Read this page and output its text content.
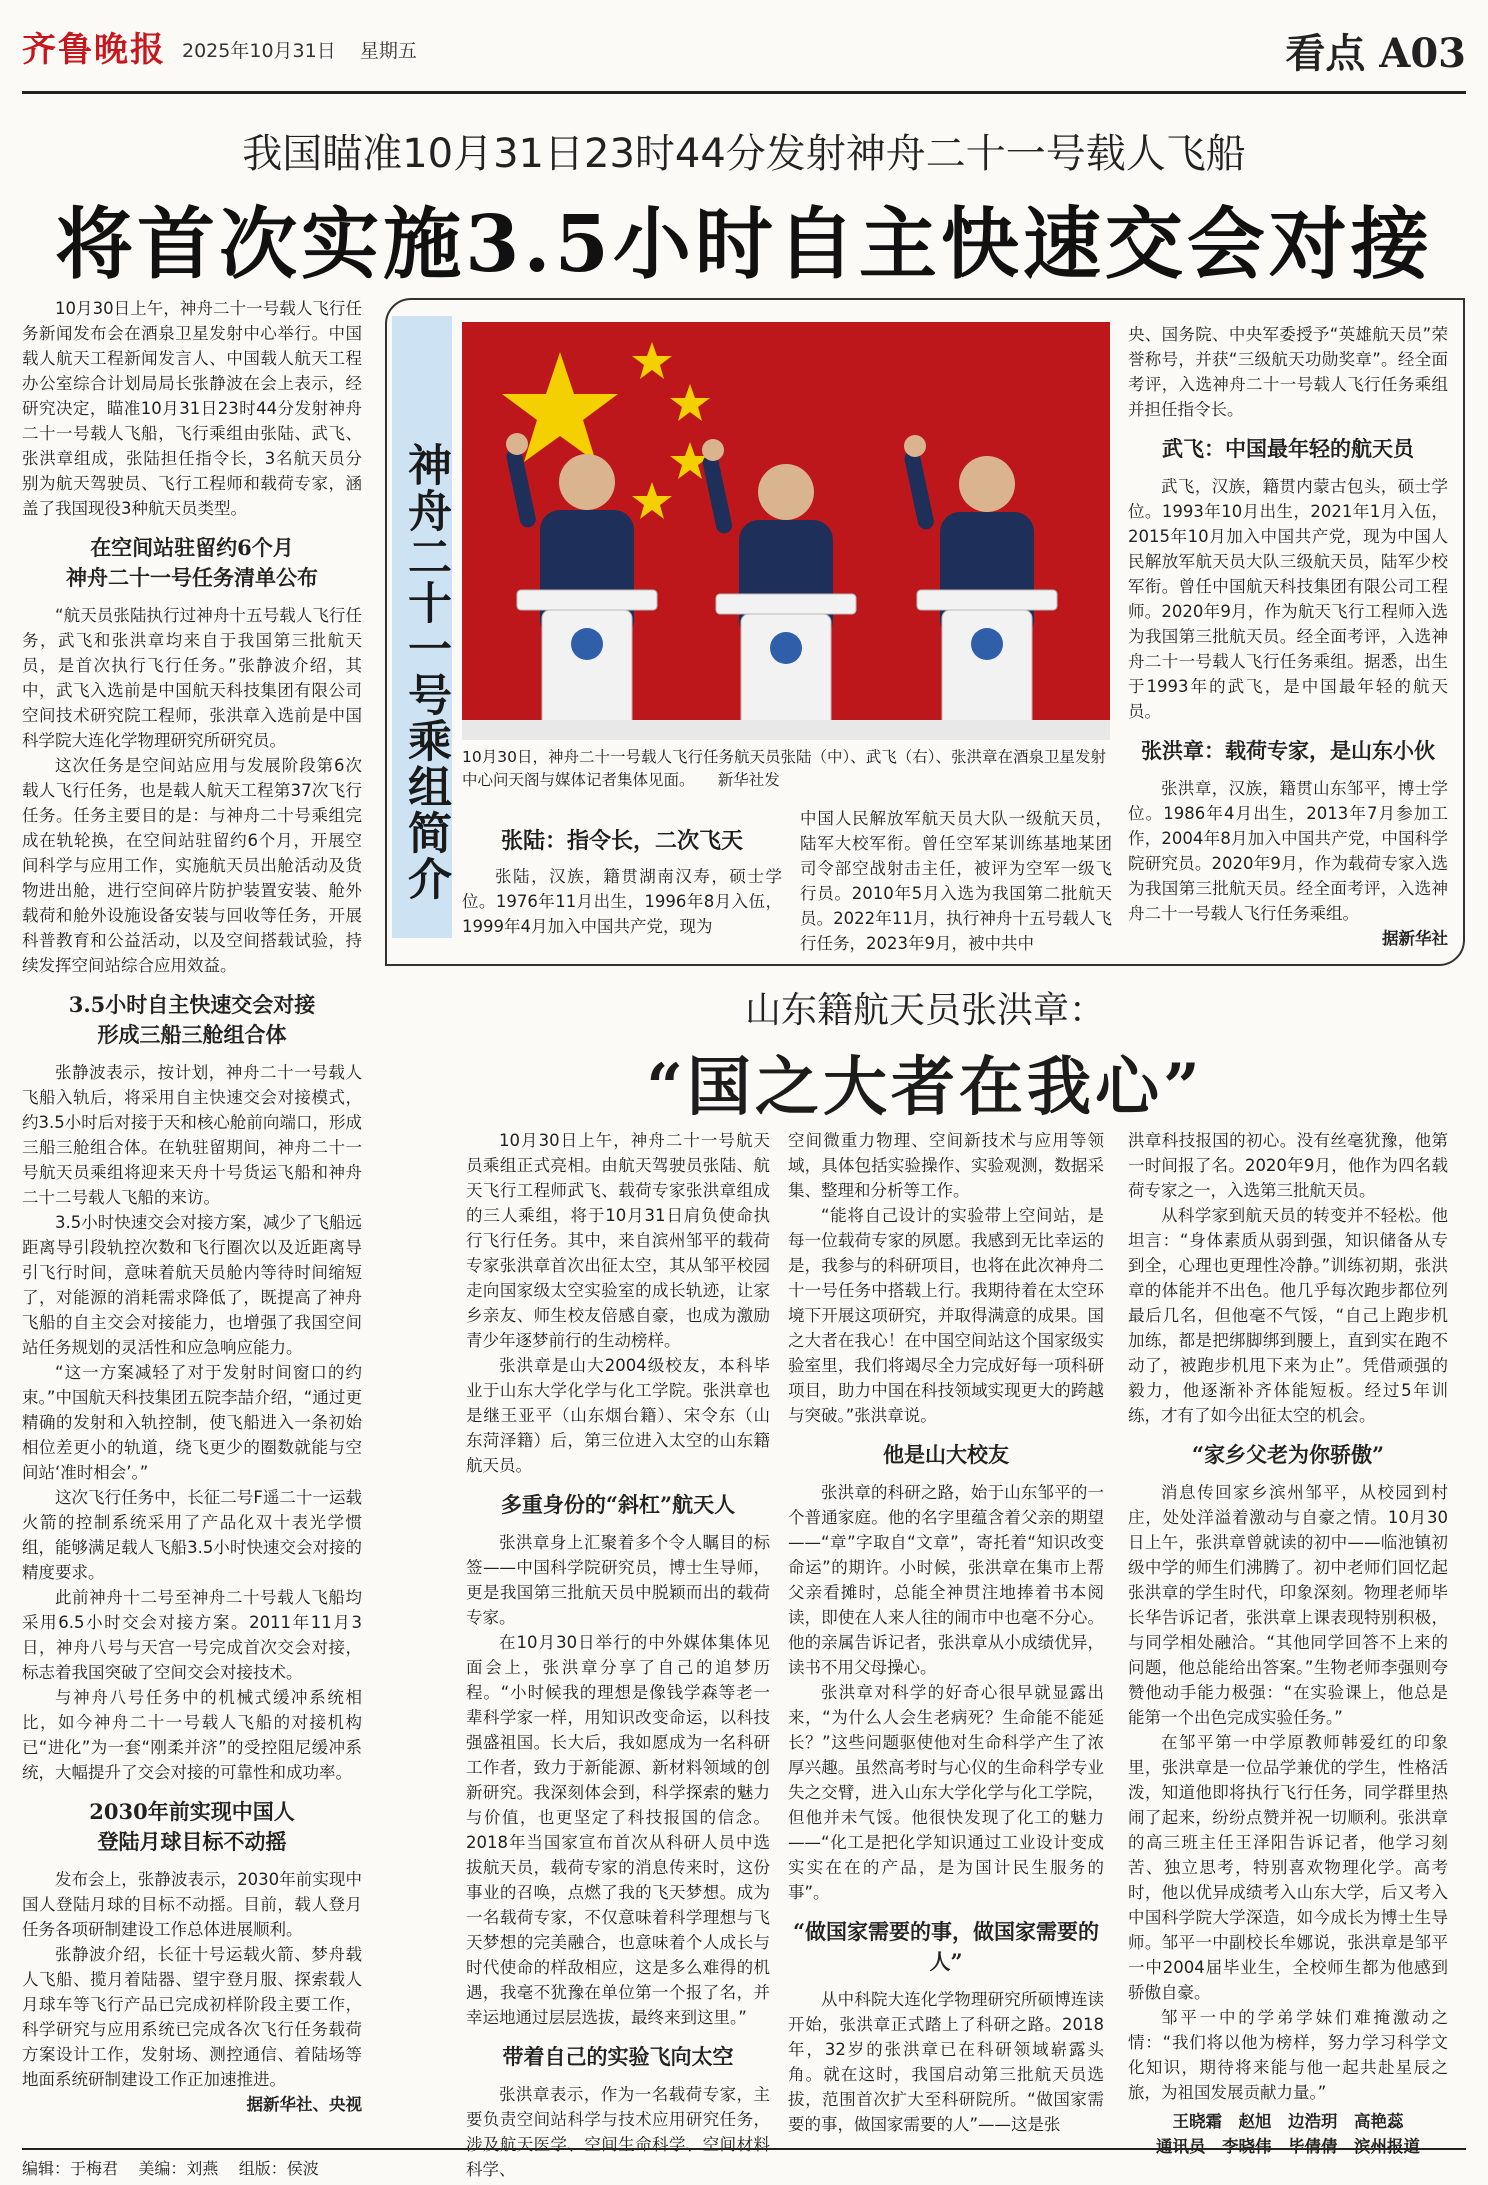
齐鲁晚报 2025年10月31日 星期五	看点 A03
我国瞄准10月31日23时44分发射神舟二十一号载人飞船
将首次实施3.5小时自主快速交会对接

10月30日上午，神舟二十一号载人飞行任务新闻发布会在酒泉卫星发射中心举行。中国载人航天工程新闻发言人、中国载人航天工程办公室综合计划局局长张静波在会上表示，经研究决定，瞄准10月31日23时44分发射神舟二十一号载人飞船，飞行乘组由张陆、武飞、张洪章组成，张陆担任指令长，3名航天员分别为航天驾驶员、飞行工程师和载荷专家，涵盖了我国现役3种航天员类型。

在空间站驻留约6个月
神舟二十一号任务清单公布

“航天员张陆执行过神舟十五号载人飞行任务，武飞和张洪章均来自于我国第三批航天员，是首次执行飞行任务。”张静波介绍，其中，武飞入选前是中国航天科技集团有限公司空间技术研究院工程师，张洪章入选前是中国科学院大连化学物理研究所研究员。

这次任务是空间站应用与发展阶段第6次载人飞行任务，也是载人航天工程第37次飞行任务。任务主要目的是：与神舟二十号乘组完成在轨轮换，在空间站驻留约6个月，开展空间科学与应用工作，实施航天员出舱活动及货物进出舱，进行空间碎片防护装置安装、舱外载荷和舱外设施设备安装与回收等任务，开展科普教育和公益活动，以及空间搭载试验，持续发挥空间站综合应用效益。

3.5小时自主快速交会对接
形成三船三舱组合体

张静波表示，按计划，神舟二十一号载人飞船入轨后，将采用自主快速交会对接模式，约3.5小时后对接于天和核心舱前向端口，形成三船三舱组合体。在轨驻留期间，神舟二十一号航天员乘组将迎来天舟十号货运飞船和神舟二十二号载人飞船的来访。

3.5小时快速交会对接方案，减少了飞船远距离导引段轨控次数和飞行圈次以及近距离导引飞行时间，意味着航天员舱内等待时间缩短了，对能源的消耗需求降低了，既提高了神舟飞船的自主交会对接能力，也增强了我国空间站任务规划的灵活性和应急响应能力。

“这一方案减轻了对于发射时间窗口的约束。”中国航天科技集团五院李喆介绍，“通过更精确的发射和入轨控制，使飞船进入一条初始相位差更小的轨道，绕飞更少的圈数就能与空间站‘准时相会’。”

这次飞行任务中，长征二号F遥二十一运载火箭的控制系统采用了产品化双十表光学惯组，能够满足载人飞船3.5小时快速交会对接的精度要求。

此前神舟十二号至神舟二十号载人飞船均采用6.5小时交会对接方案。2011年11月3日，神舟八号与天宫一号完成首次交会对接，标志着我国突破了空间交会对接技术。

与神舟八号任务中的机械式缓冲系统相比，如今神舟二十一号载人飞船的对接机构已“进化”为一套“刚柔并济”的受控阻尼缓冲系统，大幅提升了交会对接的可靠性和成功率。

2030年前实现中国人
登陆月球目标不动摇

发布会上，张静波表示，2030年前实现中国人登陆月球的目标不动摇。目前，载人登月任务各项研制建设工作总体进展顺利。

张静波介绍，长征十号运载火箭、梦舟载人飞船、揽月着陆器、望宇登月服、探索载人月球车等飞行产品已完成初样阶段主要工作，科学研究与应用系统已完成各次飞行任务载荷方案设计工作，发射场、测控通信、着陆场等地面系统研制建设工作正加速推进。

据新华社、央视
神舟二十一号乘组简介 10月30日，神舟二十一号载人飞行任务航天员张陆（中）、武飞（右）、张洪章在酒泉卫星发射中心问天阁与媒体记者集体见面。　　新华社发
张陆：指令长，二次飞天

张陆，汉族，籍贯湖南汉寿，硕士学位。1976年11月出生，1996年8月入伍，1999年4月加入中国共产党，现为

中国人民解放军航天员大队一级航天员，陆军大校军衔。曾任空军某训练基地某团司令部空战射击主任，被评为空军一级飞行员。2010年5月入选为我国第二批航天员。2022年11月，执行神舟十五号载人飞行任务，2023年9月，被中共中
央、国务院、中央军委授予“英雄航天员”荣誉称号，并获“三级航天功勋奖章”。经全面考评，入选神舟二十一号载人飞行任务乘组并担任指令长。
武飞：中国最年轻的航天员

武飞，汉族，籍贯内蒙古包头，硕士学位。1993年10月出生，2021年1月入伍，2015年10月加入中国共产党，现为中国人民解放军航天员大队三级航天员，陆军少校军衔。曾任中国航天科技集团有限公司工程师。2020年9月，作为航天飞行工程师入选为我国第三批航天员。经全面考评，入选神舟二十一号载人飞行任务乘组。据悉，出生于1993年的武飞，是中国最年轻的航天员。

张洪章：载荷专家，是山东小伙

张洪章，汉族，籍贯山东邹平，博士学位。1986年4月出生，2013年7月参加工作，2004年8月加入中国共产党，中国科学院研究员。2020年9月，作为载荷专家入选为我国第三批航天员。经全面考评，入选神舟二十一号载人飞行任务乘组。

据新华社
山东籍航天员张洪章：
“国之大者在我心”

10月30日上午，神舟二十一号航天员乘组正式亮相。由航天驾驶员张陆、航天飞行工程师武飞、载荷专家张洪章组成的三人乘组，将于10月31日肩负使命执行飞行任务。其中，来自滨州邹平的载荷专家张洪章首次出征太空，其从邹平校园走向国家级太空实验室的成长轨迹，让家乡亲友、师生校友倍感自豪，也成为激励青少年逐梦前行的生动榜样。

张洪章是山大2004级校友，本科毕业于山东大学化学与化工学院。张洪章也是继王亚平（山东烟台籍）、宋令东（山东菏泽籍）后，第三位进入太空的山东籍航天员。

多重身份的“斜杠”航天人

张洪章身上汇聚着多个令人瞩目的标签——中国科学院研究员，博士生导师，更是我国第三批航天员中脱颖而出的载荷专家。

在10月30日举行的中外媒体集体见面会上，张洪章分享了自己的追梦历程。“小时候我的理想是像钱学森等老一辈科学家一样，用知识改变命运，以科技强盛祖国。长大后，我如愿成为一名科研工作者，致力于新能源、新材料领域的创新研究。我深刻体会到，科学探索的魅力与价值，也更坚定了科技报国的信念。2018年当国家宣布首次从科研人员中选拔航天员，载荷专家的消息传来时，这份事业的召唤，点燃了我的飞天梦想。成为一名载荷专家，不仅意味着科学理想与飞天梦想的完美融合，也意味着个人成长与时代使命的样敌相应，这是多么难得的机遇，我毫不犹豫在单位第一个报了名，并幸运地通过层层选拔，最终来到这里。”

带着自己的实验飞向太空

张洪章表示，作为一名载荷专家，主要负责空间站科学与技术应用研究任务，涉及航天医学、空间生命科学、空间材料科学、

空间微重力物理、空间新技术与应用等领域，具体包括实验操作、实验观测，数据采集、整理和分析等工作。

“能将自己设计的实验带上空间站，是每一位载荷专家的夙愿。我感到无比幸运的是，我参与的科研项目，也将在此次神舟二十一号任务中搭载上行。我期待着在太空环境下开展这项研究，并取得满意的成果。国之大者在我心！在中国空间站这个国家级实验室里，我们将竭尽全力完成好每一项科研项目，助力中国在科技领域实现更大的跨越与突破。”张洪章说。

他是山大校友

张洪章的科研之路，始于山东邹平的一个普通家庭。他的名字里蕴含着父亲的期望——“章”字取自“文章”，寄托着“知识改变命运”的期许。小时候，张洪章在集市上帮父亲看摊时，总能全神贯注地捧着书本阅读，即使在人来人往的闹市中也毫不分心。他的亲属告诉记者，张洪章从小成绩优异，读书不用父母操心。

张洪章对科学的好奇心很早就显露出来，“为什么人会生老病死？生命能不能延长？”这些问题驱使他对生命科学产生了浓厚兴趣。虽然高考时与心仪的生命科学专业失之交臂，进入山东大学化学与化工学院，但他并未气馁。他很快发现了化工的魅力——“化工是把化学知识通过工业设计变成实实在在的产品，是为国计民生服务的事”。

“做国家需要的事，做国家需要的人”

从中科院大连化学物理研究所硕博连读开始，张洪章正式踏上了科研之路。2018年，32岁的张洪章已在科研领域崭露头角。就在这时，我国启动第三批航天员选拔，范围首次扩大至科研院所。“做国家需要的事，做国家需要的人”——这是张

洪章科技报国的初心。没有丝毫犹豫，他第一时间报了名。2020年9月，他作为四名载荷专家之一，入选第三批航天员。

从科学家到航天员的转变并不轻松。他坦言：“身体素质从弱到强，知识储备从专到全，心理也更理性冷静。”训练初期，张洪章的体能并不出色。他几乎每次跑步都位列最后几名，但他毫不气馁，“自己上跑步机加练，都是把绑脚绑到腰上，直到实在跑不动了，被跑步机甩下来为止”。凭借顽强的毅力，他逐渐补齐体能短板。经过5年训练，才有了如今出征太空的机会。

“家乡父老为你骄傲”

消息传回家乡滨州邹平，从校园到村庄，处处洋溢着激动与自豪之情。10月30日上午，张洪章曾就读的初中——临池镇初级中学的师生们沸腾了。初中老师们回忆起张洪章的学生时代，印象深刻。物理老师毕长华告诉记者，张洪章上课表现特别积极，与同学相处融洽。“其他同学回答不上来的问题，他总能给出答案。”生物老师李强则夸赞他动手能力极强：“在实验课上，他总是能第一个出色完成实验任务。”

在邹平第一中学原教师韩爱红的印象里，张洪章是一位品学兼优的学生，性格活泼，知道他即将执行飞行任务，同学群里热闹了起来，纷纷点赞并祝一切顺利。张洪章的高三班主任王泽阳告诉记者，他学习刻苦、独立思考，特别喜欢物理化学。高考时，他以优异成绩考入山东大学，后又考入中国科学院大学深造，如今成长为博士生导师。邹平一中副校长牟娜说，张洪章是邹平一中2004届毕业生，全校师生都为他感到骄傲自豪。

邹平一中的学弟学妹们难掩激动之情：“我们将以他为榜样，努力学习科学文化知识，期待将来能与他一起共赴星辰之旅，为祖国发展贡献力量。”

王晓霜　赵旭　边浩玥　高艳蕊
通讯员　李晓伟　毕倩倩　滨州报道
编辑：于梅君 美编：刘燕 组版：侯波
